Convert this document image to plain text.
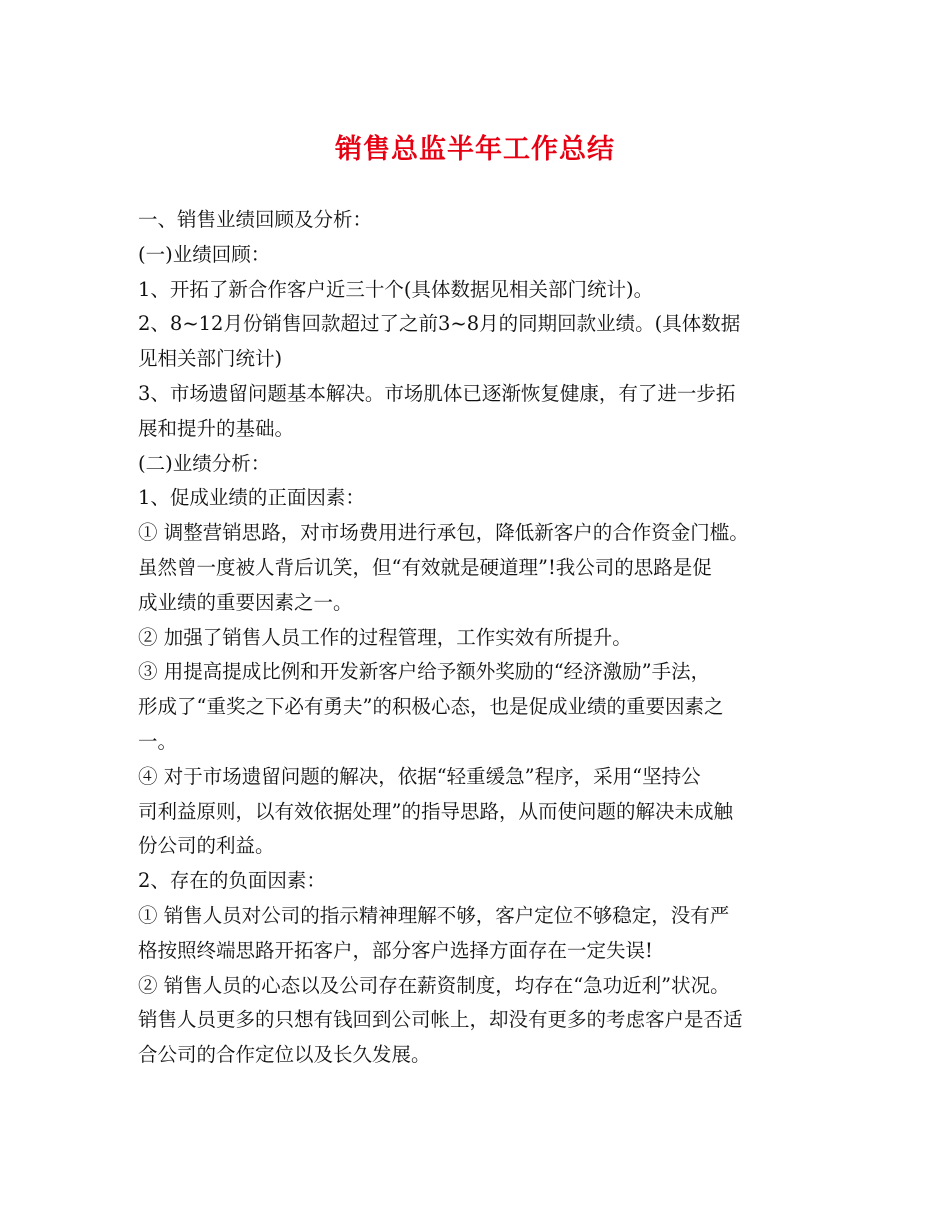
销售总监半年工作总结
一、销售业绩回顾及分析：
(一)业绩回顾：
1、开拓了新合作客户近三十个(具体数据见相关部门统计)。
2、8~12月份销售回款超过了之前3~8月的同期回款业绩。(具体数据
见相关部门统计)
3、市场遗留问题基本解决。市场肌体已逐渐恢复健康，有了进一步拓
展和提升的基础。
(二)业绩分析：
1、促成业绩的正面因素：
① 调整营销思路，对市场费用进行承包，降低新客户的合作资金门槛。
虽然曾一度被人背后讥笑，但“有效就是硬道理”!我公司的思路是促
成业绩的重要因素之一。
② 加强了销售人员工作的过程管理，工作实效有所提升。
③ 用提高提成比例和开发新客户给予额外奖励的“经济激励”手法，
形成了“重奖之下必有勇夫”的积极心态，也是促成业绩的重要因素之
一。
④ 对于市场遗留问题的解决，依据“轻重缓急”程序，采用“坚持公
司利益原则，以有效依据处理”的指导思路，从而使问题的解决未成触
份公司的利益。
2、存在的负面因素：
① 销售人员对公司的指示精神理解不够，客户定位不够稳定，没有严
格按照终端思路开拓客户，部分客户选择方面存在一定失误!
② 销售人员的心态以及公司存在薪资制度，均存在“急功近利”状况。
销售人员更多的只想有钱回到公司帐上，却没有更多的考虑客户是否适
合公司的合作定位以及长久发展。
